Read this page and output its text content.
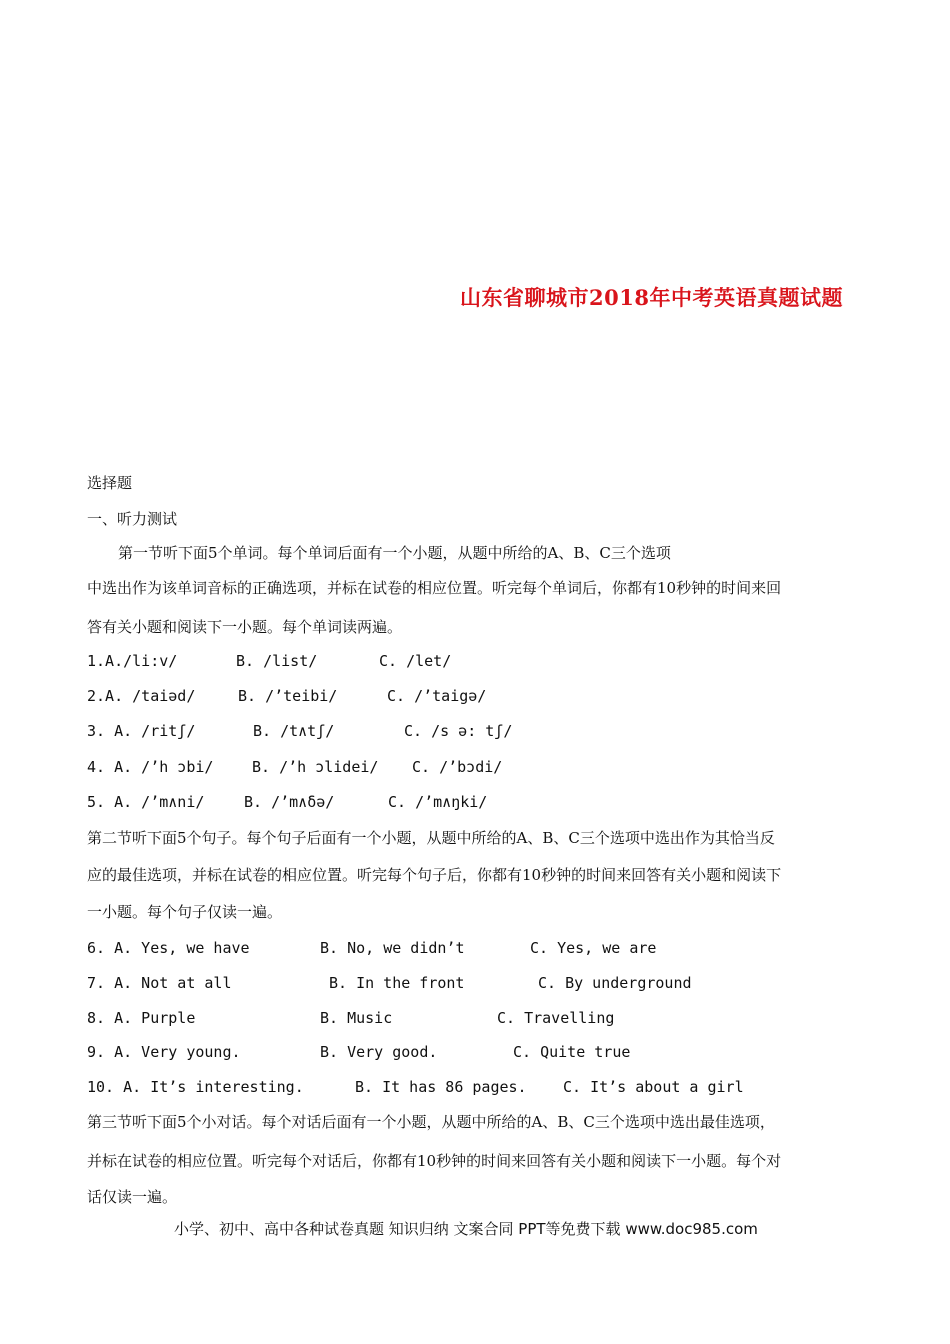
山东省聊城市2018年中考英语真题试题
选择题
一、听力测试
第一节听下面5个单词。每个单词后面有一个小题，从题中所给的A、B、C三个选项
中选出作为该单词音标的正确选项，并标在试卷的相应位置。听完每个单词后，你都有10秒钟的时间来回
答有关小题和阅读下一小题。每个单词读两遍。
1.A./li:v/	B. /list/	C. /let/
2.A. /taiəd/	B. /’teibi/	C. /’taigə/
3. A. /ritʃ/	B. /t∧tʃ/	C. /s ə: tʃ/
4. A. /’h ɔbi/	B. /’h ɔlidei/ C. /’bɔdi/
5. A. /’m∧ni/	B. /’m∧δə/	C. /’m∧ŋki/
第二节听下面5个句子。每个句子后面有一个小题，从题中所给的A、B、C三个选项中选出作为其恰当反
应的最佳选项，并标在试卷的相应位置。听完每个句子后，你都有10秒钟的时间来回答有关小题和阅读下
一小题。每个句子仅读一遍。
6. A. Yes, we have	B. No, we didn’t	C. Yes, we are
7. A. Not at all	B. In the front	C. By underground
8. A. Purple	B. Music	C. Travelling
9. A. Very young.	B. Very good.	C. Quite true
10. A. It’s interesting.	B. It has 86 pages. C. It’s about a girl
第三节听下面5个小对话。每个对话后面有一个小题，从题中所给的A、B、C三个选项中选出最佳选项，
并标在试卷的相应位置。听完每个对话后，你都有10秒钟的时间来回答有关小题和阅读下一小题。每个对
话仅读一遍。
小学、初中、高中各种试卷真题 知识归纳 文案合同 PPT等免费下载 www.doc985.com
